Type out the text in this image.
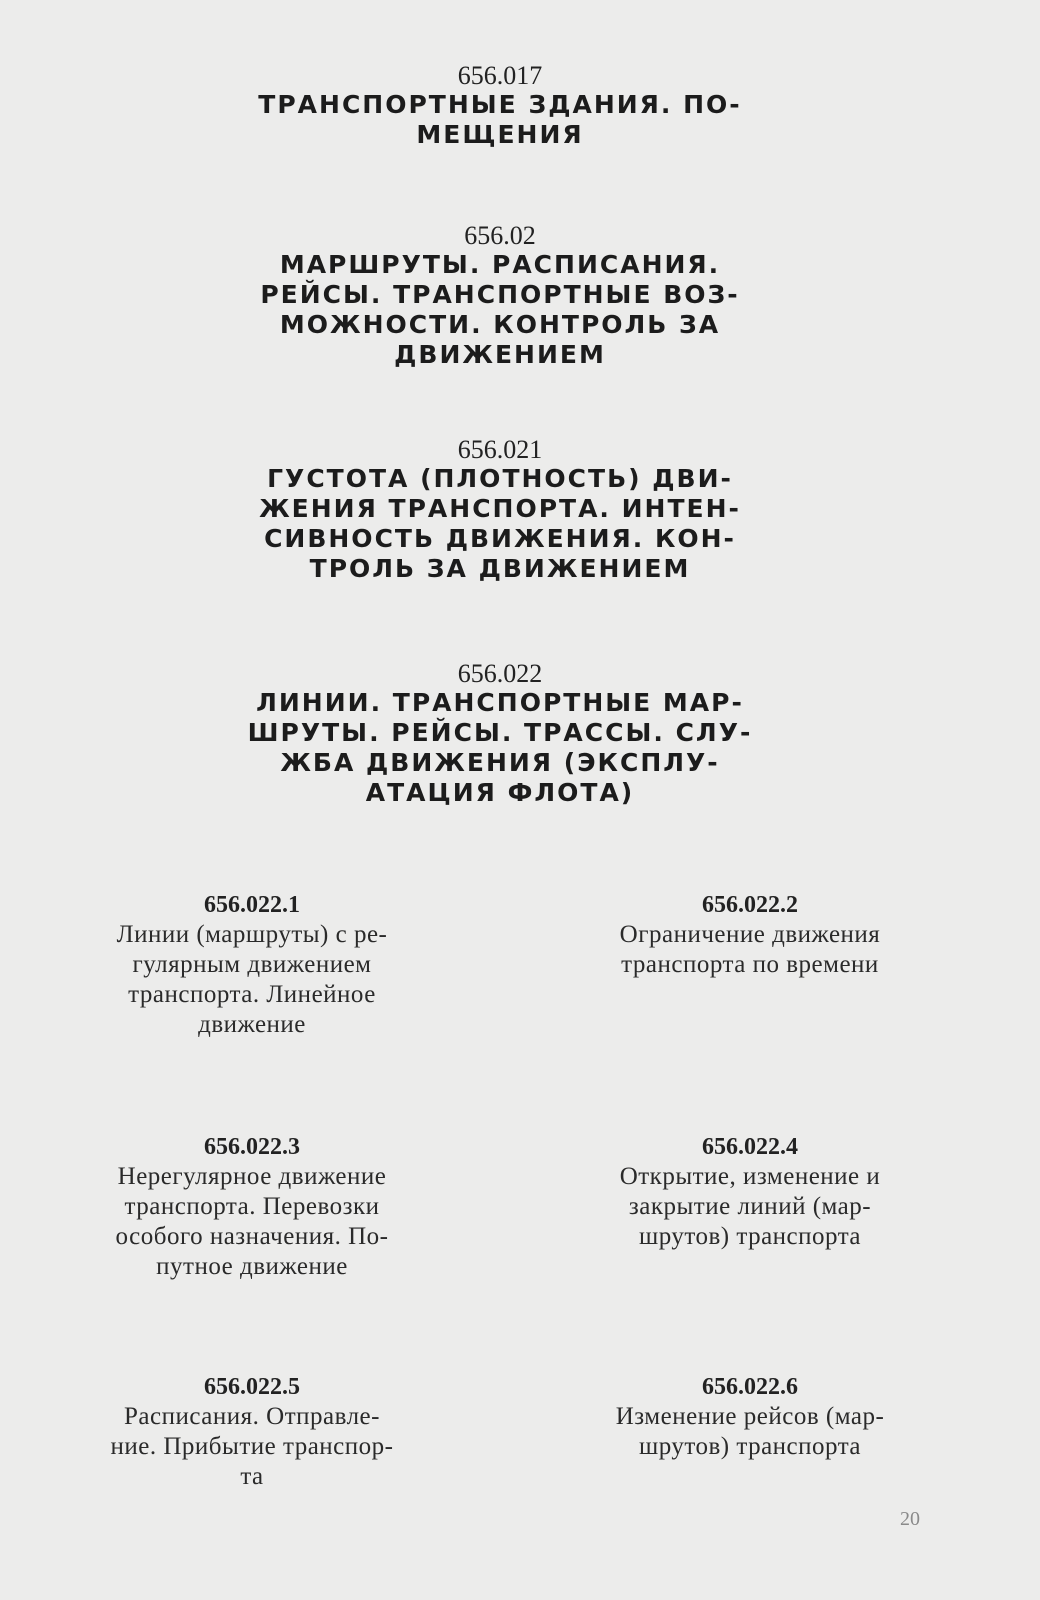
656.017
ТРАНСПОРТНЫЕ ЗДАНИЯ. ПО-
МЕЩЕНИЯ
656.02
МАРШРУТЫ. РАСПИСАНИЯ.
РЕЙСЫ. ТРАНСПОРТНЫЕ ВОЗ-
МОЖНОСТИ. КОНТРОЛЬ ЗА
ДВИЖЕНИЕМ
656.021
ГУСТОТА (ПЛОТНОСТЬ) ДВИ-
ЖЕНИЯ ТРАНСПОРТА. ИНТЕН-
СИВНОСТЬ ДВИЖЕНИЯ. КОН-
ТРОЛЬ ЗА ДВИЖЕНИЕМ
656.022
ЛИНИИ. ТРАНСПОРТНЫЕ МАР-
ШРУТЫ. РЕЙСЫ. ТРАССЫ. СЛУ-
ЖБА ДВИЖЕНИЯ (ЭКСПЛУ-
АТАЦИЯ ФЛОТА)
656.022.1
Линии (маршруты) с ре-
гулярным движением
транспорта. Линейное
движение
656.022.2
Ограничение движения
транспорта по времени
656.022.3
Нерегулярное движение
транспорта. Перевозки
особого назначения. По-
путное движение
656.022.4
Открытие, изменение и
закрытие линий (мар-
шрутов) транспорта
656.022.5
Расписания. Отправле-
ние. Прибытие транспор-
та
656.022.6
Изменение рейсов (мар-
шрутов) транспорта
20
